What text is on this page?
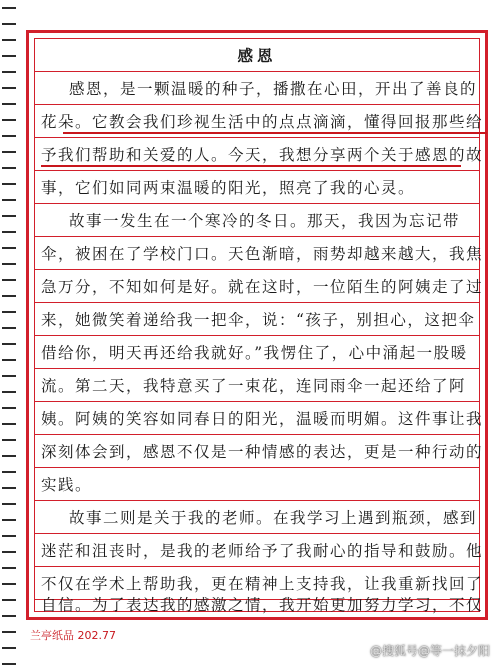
感恩
感恩，是一颗温暖的种子，播撒在心田，开出了善良的
花朵。它教会我们珍视生活中的点点滴滴，懂得回报那些给
予我们帮助和关爱的人。今天，我想分享两个关于感恩的故
事，它们如同两束温暖的阳光，照亮了我的心灵。
故事一发生在一个寒冷的冬日。那天，我因为忘记带
伞，被困在了学校门口。天色渐暗，雨势却越来越大，我焦
急万分，不知如何是好。就在这时，一位陌生的阿姨走了过
来，她微笑着递给我一把伞，说：“孩子，别担心，这把伞
借给你，明天再还给我就好。”我愣住了，心中涌起一股暖
流。第二天，我特意买了一束花，连同雨伞一起还给了阿
姨。阿姨的笑容如同春日的阳光，温暖而明媚。这件事让我
深刻体会到，感恩不仅是一种情感的表达，更是一种行动的
实践。
故事二则是关于我的老师。在我学习上遇到瓶颈，感到
迷茫和沮丧时，是我的老师给予了我耐心的指导和鼓励。他
不仅在学术上帮助我，更在精神上支持我，让我重新找回了
自信。为了表达我的感激之情，我开始更加努力学习，不仅
兰亭纸品 202.77
@搜狐号@等一抹夕阳
